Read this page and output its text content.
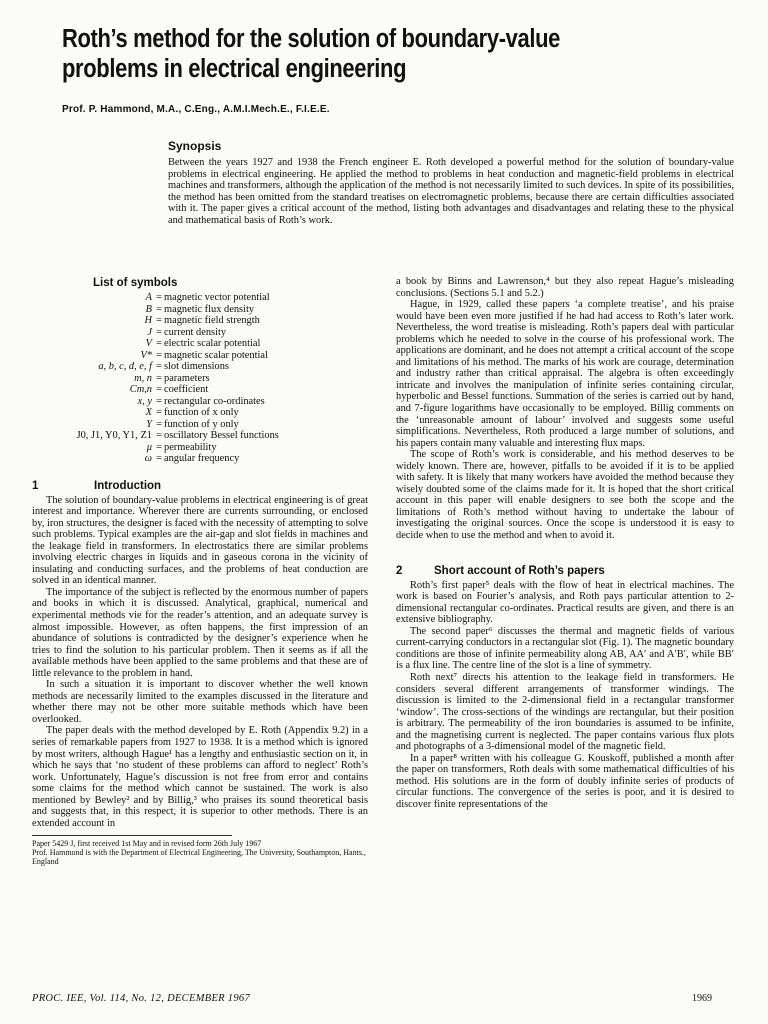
Roth’s method for the solution of boundary-value
problems in electrical engineering
Prof. P. Hammond, M.A., C.Eng., A.M.I.Mech.E., F.I.E.E.
Synopsis

Between the years 1927 and 1938 the French engineer E. Roth developed a powerful method for the solution of boundary-value problems in electrical engineering. He applied the method to problems in heat conduction and magnetic-field problems in electrical machines and transformers, although the application of the method is not necessarily limited to such devices. In spite of its possibilities, the method has been omitted from the standard treatises on electromagnetic problems, because there are certain difficulties associated with it. The paper gives a critical account of the method, listing both advantages and disadvantages and relating these to the physical and mathematical basis of Roth’s work.

List of symbols
A = magnetic vector potential
B = magnetic flux density
H = magnetic field strength
J = current density
V = electric scalar potential
V* = magnetic scalar potential
a, b, c, d, e, f = slot dimensions
m, n = parameters
Cm,n = coefficient
x, y = rectangular co-ordinates
X = function of x only
Y = function of y only
J0, J1, Y0, Y1, Z1 = oscillatory Bessel functions
μ = permeability
ω = angular frequency
1	Introduction

The solution of boundary-value problems in electrical engineering is of great interest and importance. Wherever there are currents surrounding, or enclosed by, iron structures, the designer is faced with the necessity of attempting to solve such problems. Typical examples are the air-gap and slot fields in machines and the leakage field in transformers. In electrostatics there are similar problems involving electric charges in liquids and in gaseous corona in the vicinity of insulating and conducting surfaces, and the problems of heat conduction are solved in an identical manner.

The importance of the subject is reflected by the enormous number of papers and books in which it is discussed. Analytical, graphical, numerical and experimental methods vie for the reader’s attention, and an adequate survey is almost impossible. However, as often happens, the first impression of an abundance of solutions is contradicted by the designer’s experience when he tries to find the solution to his particular problem. Then it seems as if all the available methods have been applied to the same problems and that these are of little relevance to the problem in hand.

In such a situation it is important to discover whether the well known methods are necessarily limited to the examples discussed in the literature and whether there may not be other more suitable methods which have been overlooked.

The paper deals with the method developed by E. Roth (Appendix 9.2) in a series of remarkable papers from 1927 to 1938. It is a method which is ignored by most writers, although Hague¹ has a lengthy and enthusiastic section on it, in which he says that ‘no student of these problems can afford to neglect’ Roth’s work. Unfortunately, Hague’s discussion is not free from error and contains some claims for the method which cannot be sustained. The work is also mentioned by Bewley² and by Billig,³ who praises its sound theoretical basis and suggests that, in this respect, it is superior to other methods. There is an extended account in

Paper 5429 J, first received 1st May and in revised form 26th July 1967
Prof. Hammond is with the Department of Electrical Engineering, The University, Southampton, Hants., England

a book by Binns and Lawrenson,⁴ but they also repeat Hague’s misleading conclusions. (Sections 5.1 and 5.2.)

Hague, in 1929, called these papers ‘a complete treatise’, and his praise would have been even more justified if he had had access to Roth’s later work. Nevertheless, the word treatise is misleading. Roth’s papers deal with particular problems which he needed to solve in the course of his professional work. The applications are dominant, and he does not attempt a critical account of the scope and limitations of his method. The marks of his work are courage, determination and industry rather than critical appraisal. The algebra is often exceedingly intricate and involves the manipulation of infinite series containing circular, hyperbolic and Bessel functions. Summation of the series is carried out by hand, and 7-figure logarithms have occasionally to be employed. Billig comments on the ‘unreasonable amount of labour’ involved and suggests some useful simplifications. Nevertheless, Roth produced a large number of solutions, and his papers contain many valuable and interesting flux maps.

The scope of Roth’s work is considerable, and his method deserves to be widely known. There are, however, pitfalls to be avoided if it is to be applied with safety. It is likely that many workers have avoided the method because they wisely doubted some of the claims made for it. It is hoped that the short critical account in this paper will enable designers to see both the scope and the limitations of Roth’s method without having to undertake the labour of investigating the original sources. Once the scope is understood it is easy to decide when to use the method and when to avoid it.

2	Short account of Roth’s papers

Roth’s first paper⁵ deals with the flow of heat in electrical machines. The work is based on Fourier’s analysis, and Roth pays particular attention to 2-dimensional rectangular co-ordinates. Practical results are given, and there is an extensive bibliography.

The second paper⁶ discusses the thermal and magnetic fields of various current-carrying conductors in a rectangular slot (Fig. 1). The magnetic boundary conditions are those of infinite permeability along AB, AA′ and A′B′, while BB′ is a flux line. The centre line of the slot is a line of symmetry.

Roth next⁷ directs his attention to the leakage field in transformers. He considers several different arrangements of transformer windings. The discussion is limited to the 2-dimensional field in a rectangular transformer ‘window’. The cross-sections of the windings are rectangular, but their position is arbitrary. The permeability of the iron boundaries is assumed to be infinite, and the magnetising current is neglected. The paper contains various flux plots and photographs of a 3-dimensional model of the magnetic field.

In a paper⁸ written with his colleague G. Kouskoff, published a month after the paper on transformers, Roth deals with some mathematical difficulties of his method. His solutions are in the form of doubly infinite series of products of circular functions. The convergence of the series is poor, and it is desired to discover finite representations of the

PROC. IEE, Vol. 114, No. 12, DECEMBER 1967	1969
